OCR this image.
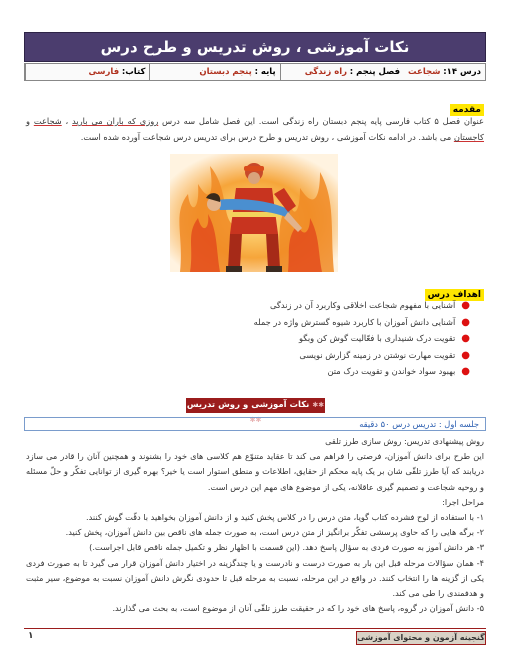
نکات آموزشی ، روش تدریس و طرح درس
کتاب: فارسی	پایه : پنجم دبستان	فصل پنجم : راه زندگی	درس ۱۴: شجاعت
مقدمه
عنوان فصل ۵ کتاب فارسی پایه پنجم دبستان راه زندگی است. این فصل شامل سه درس روزی که باران می بارید ، شجاعت و کاجستان می باشد. در ادامه نکات آموزشی ، روش تدریس و طرح درس برای تدریس درس شجاعت آورده شده است.
اهداف درس
●آشنایی با مفهوم شجاعت اخلاقی وکاربرد آن در زندگی
●آشنایی دانش آموزان با کاربرد شیوه گسترش واژه در جمله
●تقویت درک شنیداری با فعّالیت گوش کن وبگو
●تقویت مهارت نوشتن در زمینه گزارش نویسی
●بهبود سواد خواندن و تقویت درک متن
✱✱ نکات آموزشی و روش تدریس ✱✱	جلسه اول : تدریس درس ۵۰ دقیقه

روش پیشنهادی تدریس: روش سازی طرز تلقی

این طرح برای دانش آموزان، فرصتی را فراهم می کند تا عقاید متنوّع هم کلاسی های خود را بشنوند و همچنین آنان را قادر می سازد دریابند که آیا طرز تلقّی شان بر یک پایه محکم از حقایق، اطلاعات و منطق استوار است یا خیر؟ بهره گیری از توانایی تفکّر و حلّ مسئله و روحیه شجاعت و تصمیم گیری عاقلانه، یکی از موضوع های مهم این درس است.

مراحل اجرا:

۱- با استفاده از لوح فشرده کتاب گویا، متن درس را در کلاس پخش کنید و از دانش آموزان بخواهید با دقّت گوش کنند.

۲- برگه هایی را که حاوی پرسشی تفکّر برانگیز از متن درس است، به صورت جمله های ناقص بین دانش آموزان، پخش کنید.

۳- هر دانش آموز به صورت فردی به سؤال پاسخ دهد. (این قسمت با اظهار نظر و تکمیل جمله ناقص قابل اجراست.)

۴- همان سؤالات مرحله قبل این بار به صورت درست و نادرست و یا چندگزینه در اختیار دانش آموزان قرار می گیرد تا به صورت فردی یکی از گزینه ها را انتخاب کنند. در واقع در این مرحله، نسبت به مرحله قبل تا حدودی نگرش دانش آموزان نسبت به موضوع، سیر مثبت و هدفمندی را طی می کند.

۵- دانش آموزان در گروه، پاسخ های خود را که در حقیقت طرز تلقّی آنان از موضوع است، به بحث می گذارند.

گنجینه آزمون و محتوای آموزشی
۱
